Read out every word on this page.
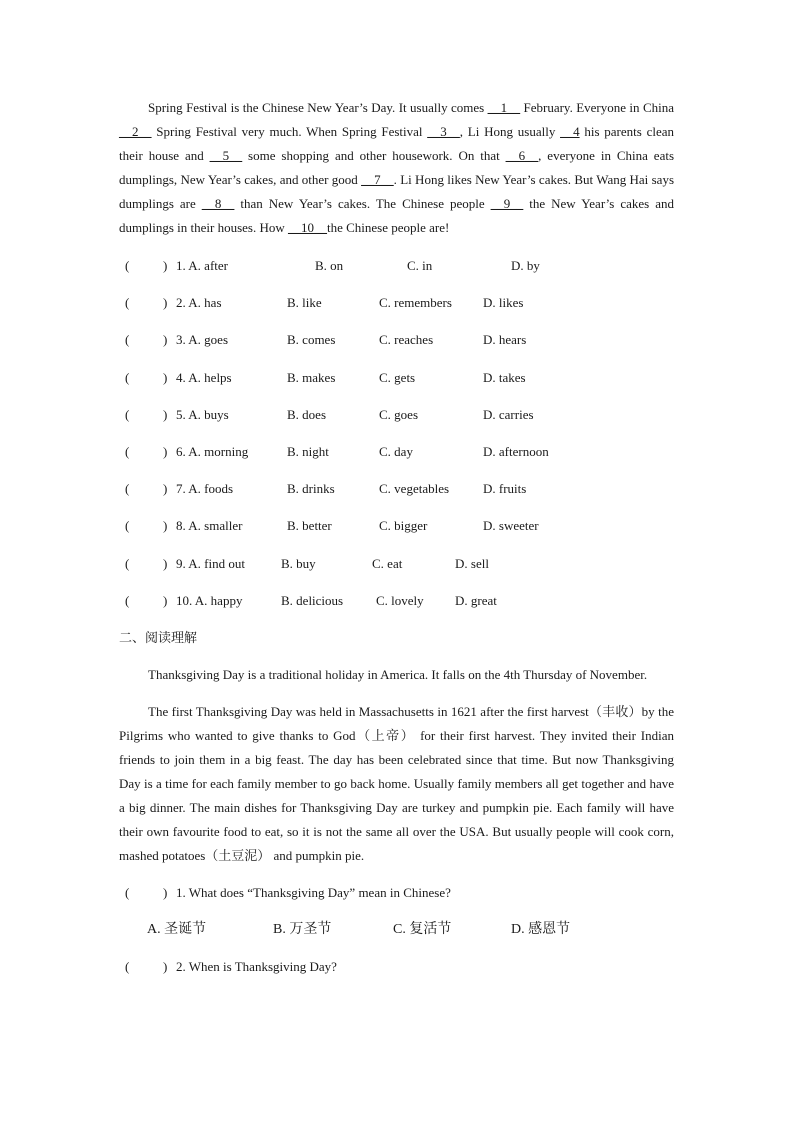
Spring Festival is the Chinese New Year’s Day. It usually comes __1__ February. Everyone in China __2__ Spring Festival very much. When Spring Festival __3__, Li Hong usually __4 his parents clean their house and __5__ some shopping and other housework. On that __6__, everyone in China eats dumplings, New Year’s cakes, and other good __7__. Li Hong likes New Year’s cakes. But Wang Hai says dumplings are __8__ than New Year’s cakes. The Chinese people __9__ the New Year’s cakes and dumplings in their houses. How __10__the Chinese people are!

(	) 1. A. after	B. on	C. in	D. by
(	) 2. A. has	B. like	C. remembers D. likes
(	) 3. A. goes	B. comes	C. reaches	D. hears
(	) 4. A. helps	B. makes	C. gets	D. takes
(	) 5. A. buys	B. does	C. goes	D. carries
(	) 6. A. morning	B. night	C. day	D. afternoon
(	) 7. A. foods	B. drinks	C. vegetables	D. fruits
(	) 8. A. smaller	B. better	C. bigger	D. sweeter
(	) 9. A. find out	B. buy	C. eat	D. sell
(	) 10. A. happy	B. delicious	C. lovely D. great
二、阅读理解

Thanksgiving Day is a traditional holiday in America. It falls on the 4th Thursday of November.

The first Thanksgiving Day was held in Massachusetts in 1621 after the first harvest（丰收）by the Pilgrims who wanted to give thanks to God（上帝） for their first harvest. They invited their Indian friends to join them in a big feast. The day has been celebrated since that time. But now Thanksgiving Day is a time for each family member to go back home. Usually family members all get together and have a big dinner. The main dishes for Thanksgiving Day are turkey and pumpkin pie. Each family will have their own favourite food to eat, so it is not the same all over the USA. But usually people will cook corn, mashed potatoes（土豆泥） and pumpkin pie.

(	) 1. What does “Thanksgiving Day” mean in Chinese?
A. 圣诞节	B. 万圣节	C. 复活节	D. 感恩节
(	) 2. When is Thanksgiving Day?
